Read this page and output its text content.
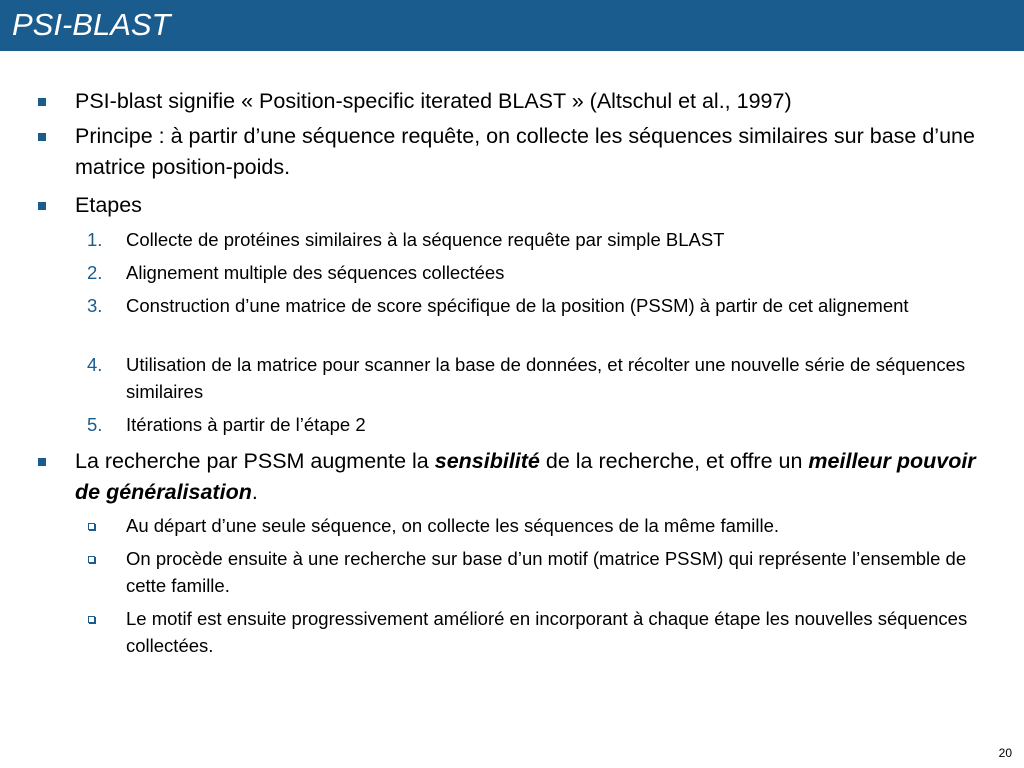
PSI-BLAST
PSI-blast signifie « Position-specific iterated BLAST » (Altschul et al., 1997)
Principe : à partir d’une séquence requête, on collecte les séquences similaires sur base d’une matrice position-poids.
Etapes
1. Collecte de protéines similaires à la séquence requête par simple BLAST
2. Alignement multiple des séquences collectées
3. Construction d’une matrice de score spécifique de la position (PSSM) à partir de cet alignement
4. Utilisation de la matrice pour scanner la base de données, et récolter une nouvelle série de séquences similaires
5. Itérations à partir de l’étape 2
La recherche par PSSM augmente la sensibilité de la recherche, et offre un meilleur pouvoir de généralisation.
Au départ d’une seule séquence, on collecte les séquences de la même famille.
On procède ensuite à une recherche sur base d’un motif (matrice PSSM) qui représente l’ensemble de cette famille.
Le motif est ensuite progressivement amélioré en incorporant à chaque étape les nouvelles séquences collectées.
20
